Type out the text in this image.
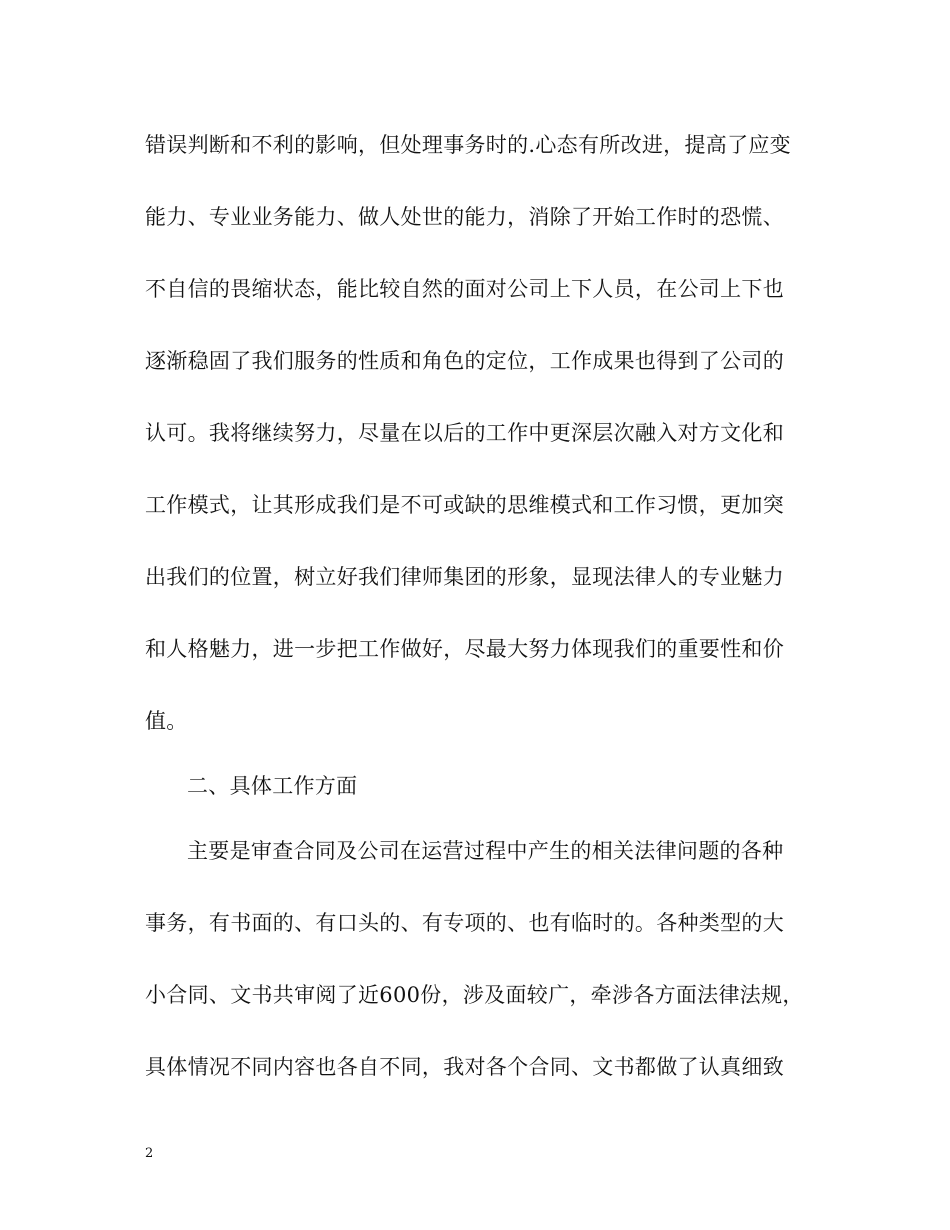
错误判断和不利的影响，但处理事务时的.心态有所改进，提高了应变
能力、专业业务能力、做人处世的能力，消除了开始工作时的恐慌、
不自信的畏缩状态，能比较自然的面对公司上下人员，在公司上下也
逐渐稳固了我们服务的性质和角色的定位，工作成果也得到了公司的
认可。我将继续努力，尽量在以后的工作中更深层次融入对方文化和
工作模式，让其形成我们是不可或缺的思维模式和工作习惯，更加突
出我们的位置，树立好我们律师集团的形象，显现法律人的专业魅力
和人格魅力，进一步把工作做好，尽最大努力体现我们的重要性和价
值。
二、具体工作方面
主要是审查合同及公司在运营过程中产生的相关法律问题的各种
事务，有书面的、有口头的、有专项的、也有临时的。各种类型的大
小合同、文书共审阅了近600份，涉及面较广，牵涉各方面法律法规，
具体情况不同内容也各自不同，我对各个合同、文书都做了认真细致
2
